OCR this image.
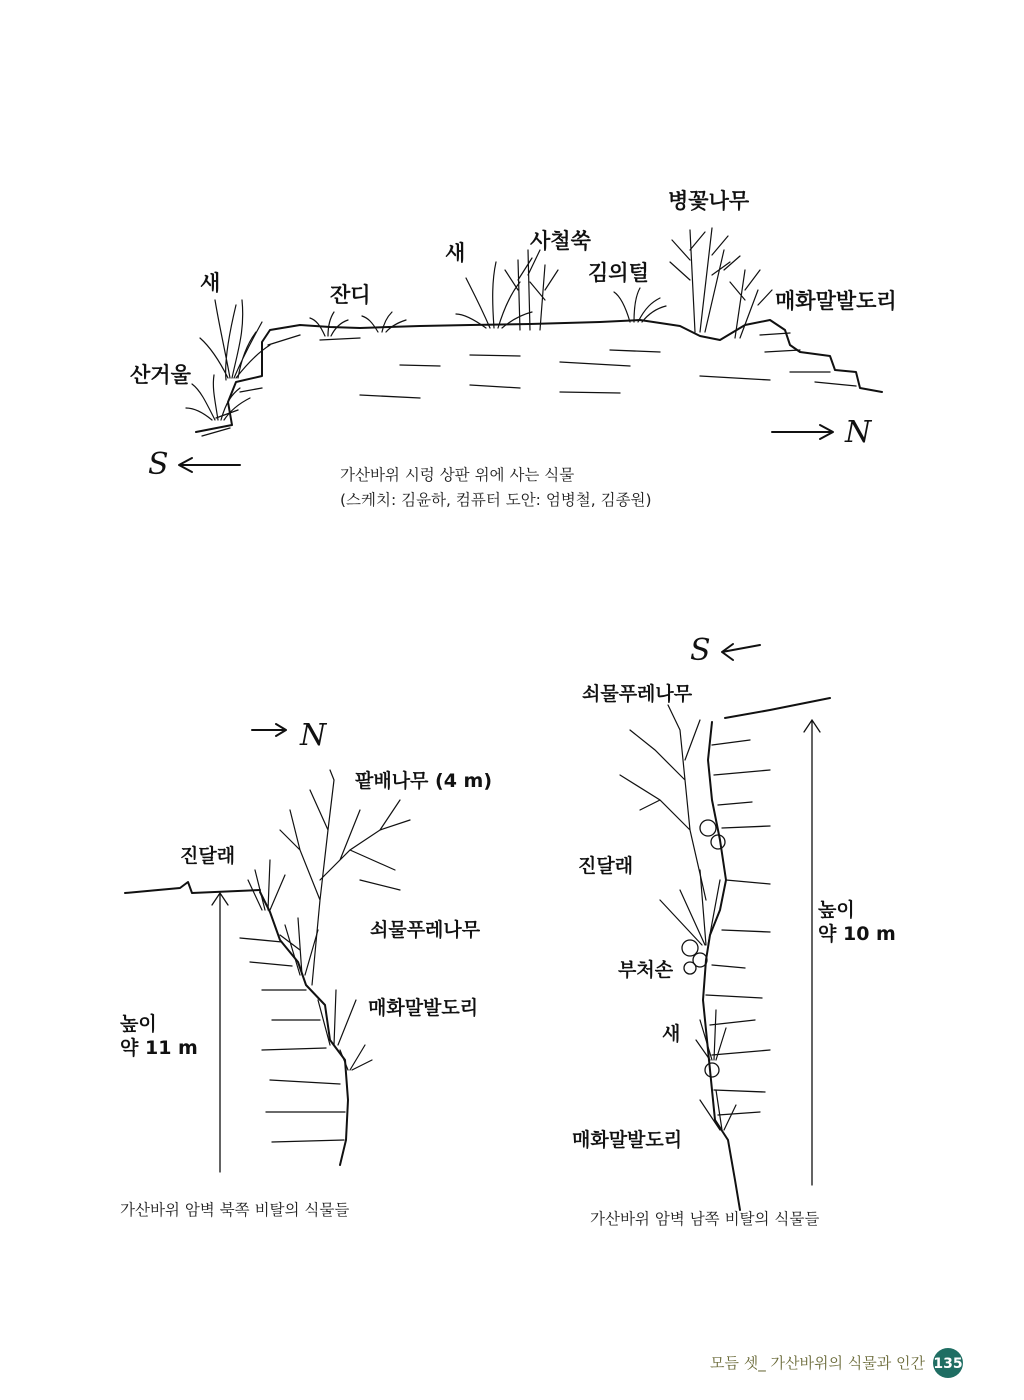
새
산거울
잔디
새	사철쑥
김의털
병꽃나무
매화말발도리
S
N
가산바위 시렁 상판 위에 사는 식물
(스케치: 김윤하, 컴퓨터 도안: 엄병철, 김종원)
N
팥배나무 (4 m)
진달래
쇠물푸레나무
매화말발도리
높이
약 11 m
가산바위 암벽 북쪽 비탈의 식물들
S
쇠물푸레나무
진달래
부처손
새
매화말발도리
높이
약 10 m
가산바위 암벽 남쪽 비탈의 식물들
모듬 셋_ 가산바위의 식물과 인간 135
